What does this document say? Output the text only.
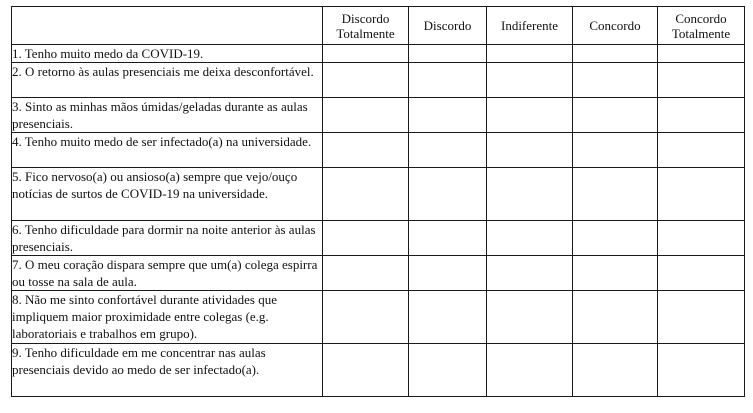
	Discordo Totalmente	Discordo	Indiferente	Concordo	Concordo Totalmente
1. Tenho muito medo da COVID-19.					
2. O retorno às aulas presenciais me deixa desconfortável.					
3. Sinto as minhas mãos úmidas/geladas durante as aulas presenciais.					
4. Tenho muito medo de ser infectado(a) na universidade.					
5. Fico nervoso(a) ou ansioso(a) sempre que vejo/ouço notícias de surtos de COVID-19 na universidade.					
6. Tenho dificuldade para dormir na noite anterior às aulas presenciais.					
7. O meu coração dispara sempre que um(a) colega espirra ou tosse na sala de aula.					
8. Não me sinto confortável durante atividades que impliquem maior proximidade entre colegas (e.g. laboratoriais e trabalhos em grupo).					
9. Tenho dificuldade em me concentrar nas aulas presenciais devido ao medo de ser infectado(a).					
